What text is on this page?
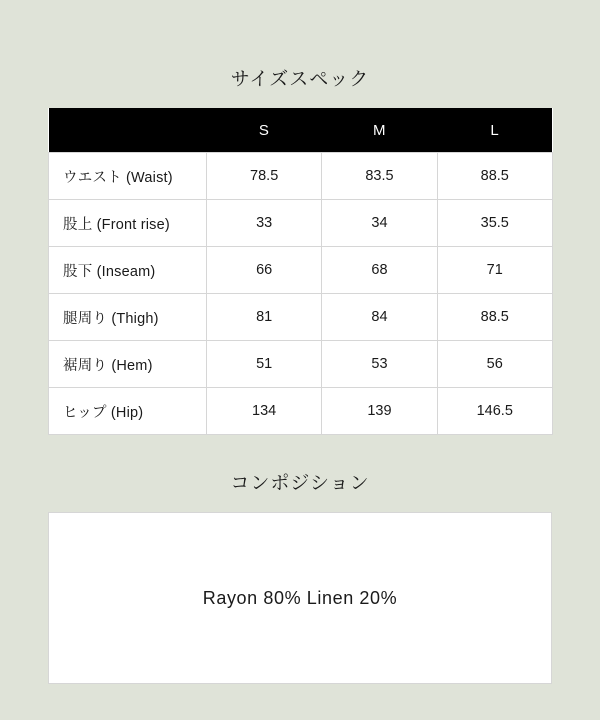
サイズスペック
	S	M	L
ウエスト (Waist)	78.5	83.5	88.5
股上 (Front rise)	33	34	35.5
股下 (Inseam)	66	68	71
腿周り (Thigh)	81	84	88.5
裾周り (Hem)	51	53	56
ヒップ (Hip)	134	139	146.5
コンポジション
Rayon 80% Linen 20%
